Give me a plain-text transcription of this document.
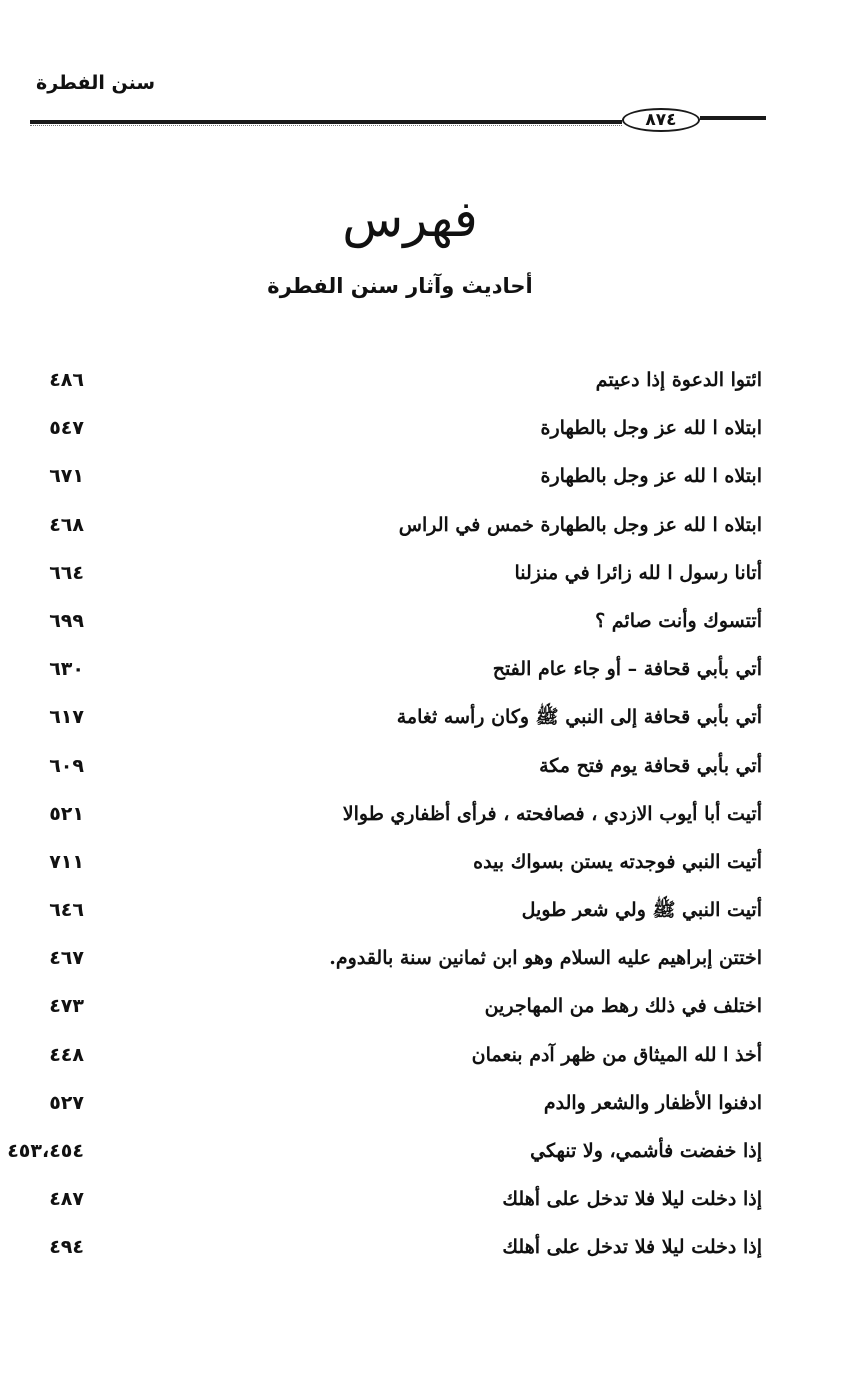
سنن الفطرة
٨٧٤
فهرس
أحاديث وآثار سنن الفطرة
ائتوا الدعوة إذا دعيتم
٤٨٦
ابتلاه ا لله عز وجل بالطهارة
٥٤٧
ابتلاه ا لله عز وجل بالطهارة
٦٧١
ابتلاه ا لله عز وجل بالطهارة خمس في الراس
٤٦٨
أتانا رسول ا لله زائرا في منزلنا
٦٦٤
أتتسوك وأنت صائم ؟
٦٩٩
أتي بأبي قحافة – أو جاء عام الفتح
٦٣٠
أتي بأبي قحافة إلى النبي ﷺ وكان رأسه ثغامة
٦١٧
أتي بأبي قحافة يوم فتح مكة
٦٠٩
أتيت أبا أيوب الازدي ، فصافحته ، فرأى أظفاري طوالا
٥٢١
أتيت النبي فوجدته يستن بسواك بيده
٧١١
أتيت النبي ﷺ ولي شعر طويل
٦٤٦
اختتن إبراهيم عليه السلام وهو ابن ثمانين سنة بالقدوم.
٤٦٧
اختلف في ذلك رهط من المهاجرين
٤٧٣
أخذ ا لله الميثاق من ظهر آدم بنعمان
٤٤٨
ادفنوا الأظفار والشعر والدم
٥٢٧
إذا خفضت فأشمي، ولا تنهكي
٤٥٣،٤٥٤
إذا دخلت ليلا فلا تدخل على أهلك
٤٨٧
إذا دخلت ليلا فلا تدخل على أهلك
٤٩٤
